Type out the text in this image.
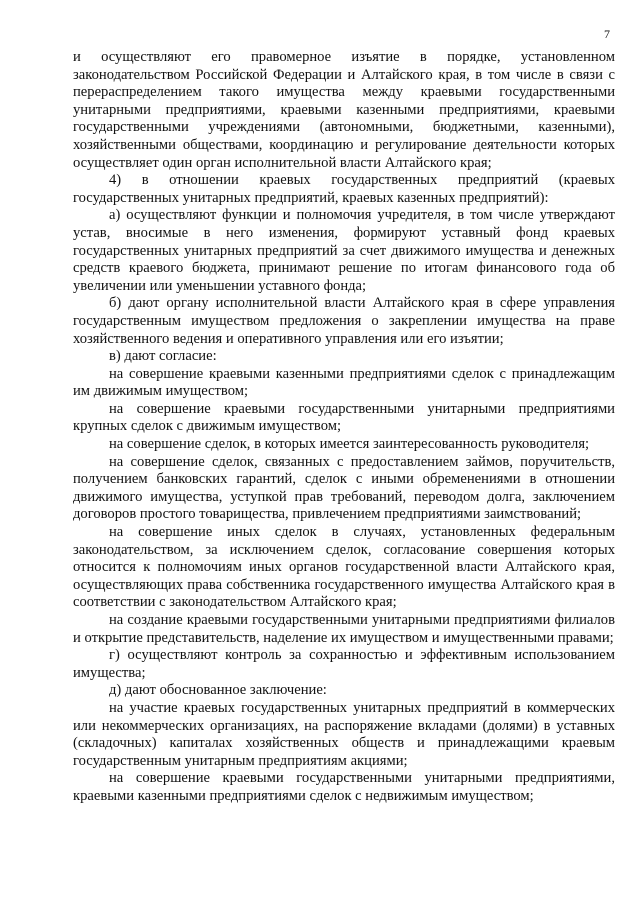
7

и осуществляют его правомерное изъятие в порядке, установленном законодательством Российской Федерации и Алтайского края, в том числе в связи с перераспределением такого имущества между краевыми государственными унитарными предприятиями, краевыми казенными предприятиями, краевыми государственными учреждениями (автономными, бюджетными, казенными), хозяйственными обществами, координацию и регулирование деятельности которых осуществляет один орган исполнительной власти Алтайского края;

4) в отношении краевых государственных предприятий (краевых государственных унитарных предприятий, краевых казенных предприятий):

а) осуществляют функции и полномочия учредителя, в том числе утверждают устав, вносимые в него изменения, формируют уставный фонд краевых государственных унитарных предприятий за счет движимого имущества и денежных средств краевого бюджета, принимают решение по итогам финансового года об увеличении или уменьшении уставного фонда;

б) дают органу исполнительной власти Алтайского края в сфере управления государственным имуществом предложения о закреплении имущества на праве хозяйственного ведения и оперативного управления или его изъятии;

в) дают согласие:

на совершение краевыми казенными предприятиями сделок с принадлежащим им движимым имуществом;

на совершение краевыми государственными унитарными предприятиями крупных сделок с движимым имуществом;

на совершение сделок, в которых имеется заинтересованность руководителя;

на совершение сделок, связанных с предоставлением займов, поручительств, получением банковских гарантий, сделок с иными обременениями в отношении движимого имущества, уступкой прав требований, переводом долга, заключением договоров простого товарищества, привлечением предприятиями заимствований;

на совершение иных сделок в случаях, установленных федеральным законодательством, за исключением сделок, согласование совершения которых относится к полномочиям иных органов государственной власти Алтайского края, осуществляющих права собственника государственного имущества Алтайского края в соответствии с законодательством Алтайского края;

на создание краевыми государственными унитарными предприятиями филиалов и открытие представительств, наделение их имуществом и имущественными правами;

г) осуществляют контроль за сохранностью и эффективным использованием имущества;

д) дают обоснованное заключение:

на участие краевых государственных унитарных предприятий в коммерческих или некоммерческих организациях, на распоряжение вкладами (долями) в уставных (складочных) капиталах хозяйственных обществ и принадлежащими краевым государственным унитарным предприятиям акциями;

на совершение краевыми государственными унитарными предприятиями, краевыми казенными предприятиями сделок с недвижимым имуществом;
